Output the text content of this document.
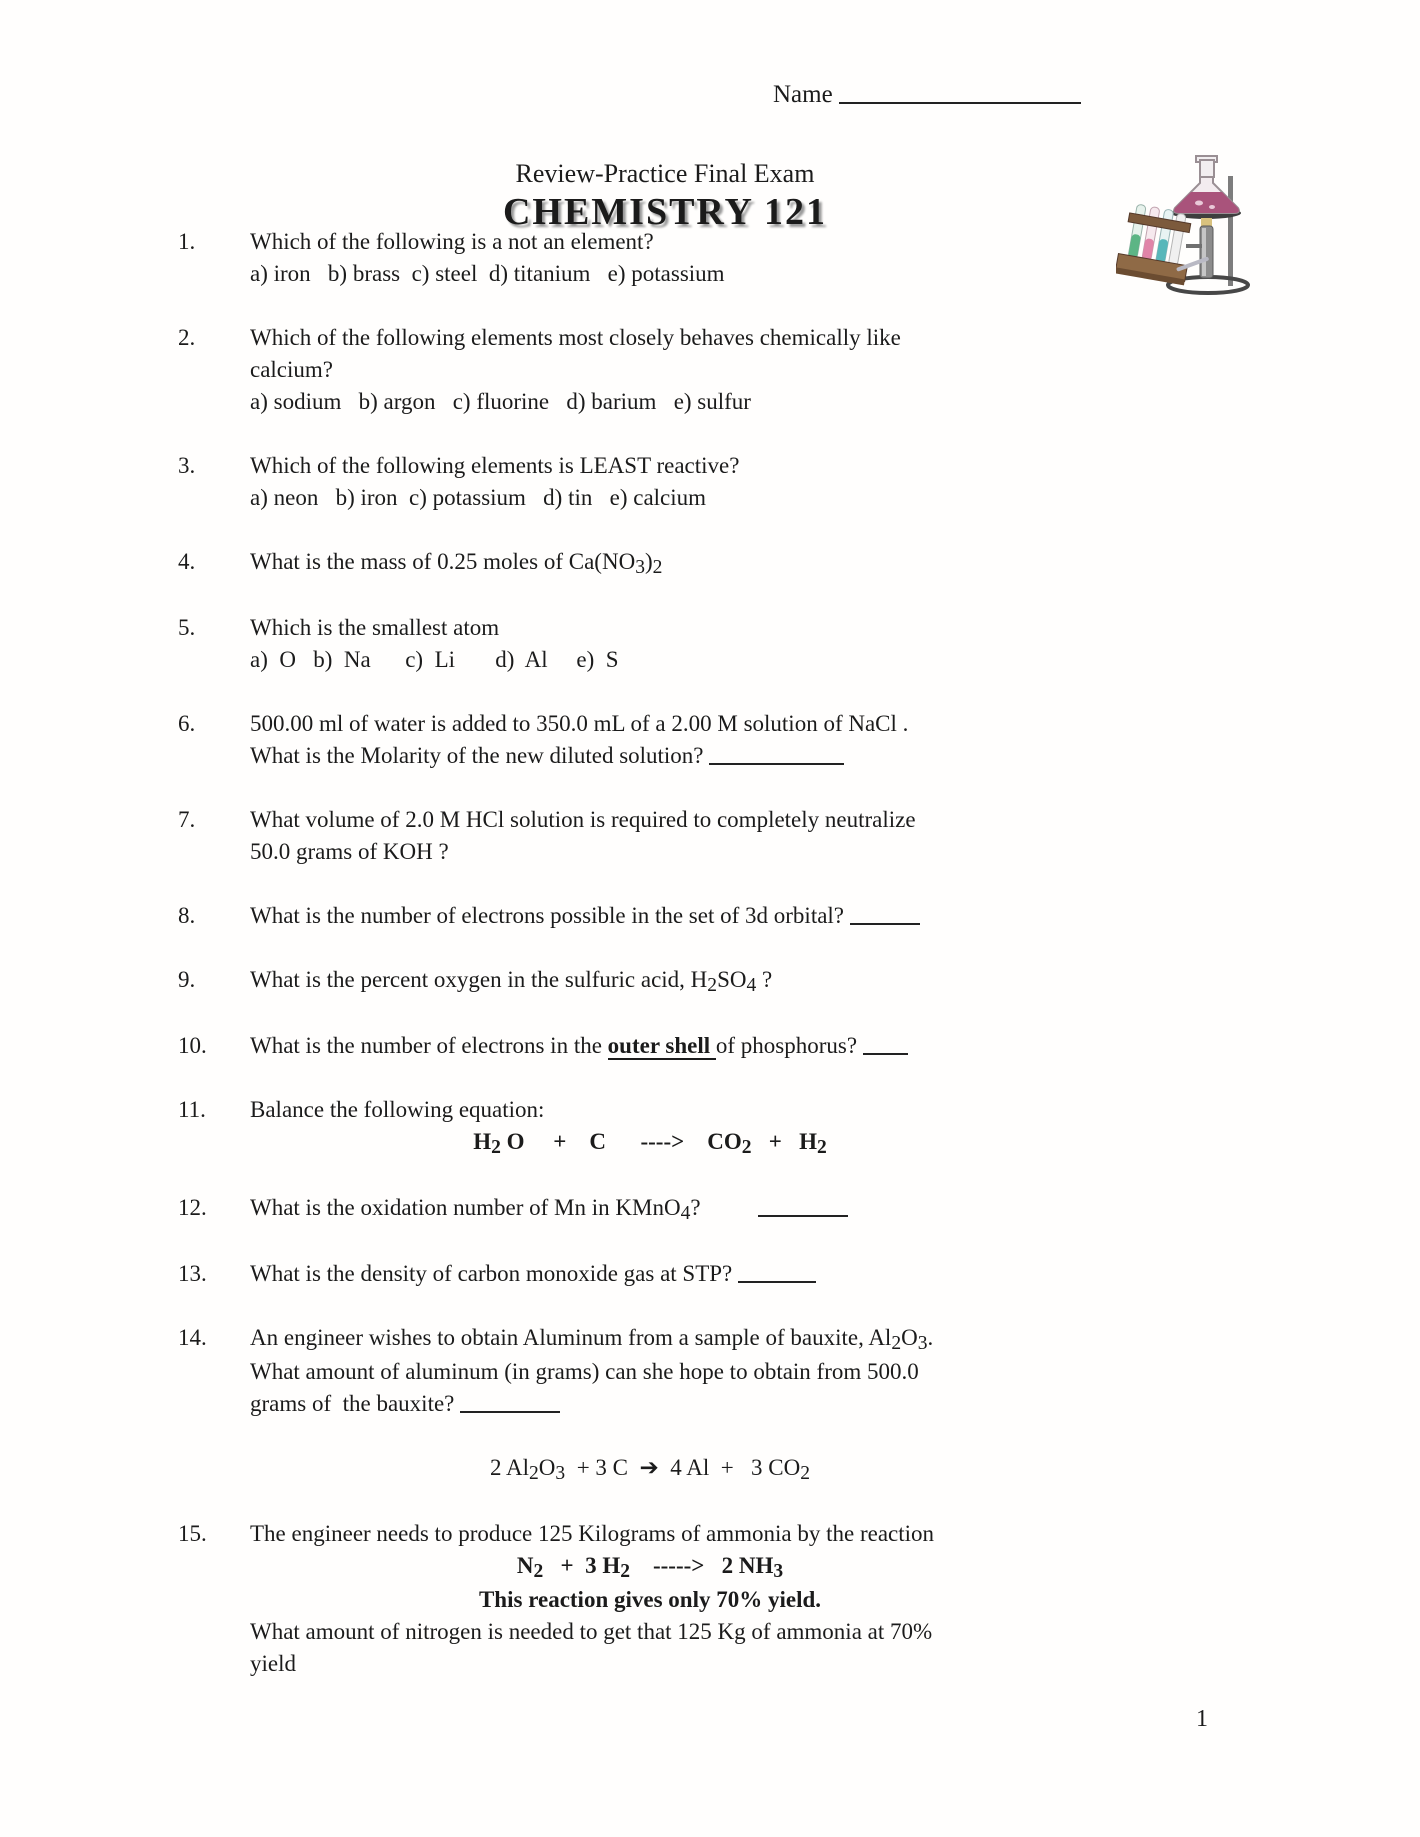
Name
Review-Practice Final Exam
CHEMISTRY 121
1.	Which of the following is a not an element?
a) iron   b) brass  c) steel  d) titanium   e) potassium
2.	Which of the following elements most closely behaves chemically like
calcium?
a) sodium   b) argon   c) fluorine   d) barium   e) sulfur
3.	Which of the following elements is LEAST reactive?
a) neon   b) iron  c) potassium   d) tin   e) calcium
4.	What is the mass of 0.25 moles of Ca(NO3)2
5.	Which is the smallest atom
a)  O   b)  Na      c)  Li       d)  Al     e)  S
6.	500.00 ml of water is added to 350.0 mL of a 2.00 M solution of NaCl .
What is the Molarity of the new diluted solution?
7.	What volume of 2.0 M HCl solution is required to completely neutralize
50.0 grams of KOH ?
8.	What is the number of electrons possible in the set of 3d orbital?
9.	What is the percent oxygen in the sulfuric acid, H2SO4 ?
10.	What is the number of electrons in the outer shell of phosphorus?
11.	Balance the following equation:
H2 O     +    C      ---->    CO2   +   H2
12.	What is the oxidation number of Mn in KMnO4?
13.	What is the density of carbon monoxide gas at STP?
14.	An engineer wishes to obtain Aluminum from a sample of bauxite, Al2O3.
What amount of aluminum (in grams) can she hope to obtain from 500.0
grams of  the bauxite?
2 Al2O3  + 3 C  ➔  4 Al  +   3 CO2
15.	The engineer needs to produce 125 Kilograms of ammonia by the reaction
N2   +  3 H2    ----->   2 NH3
This reaction gives only 70% yield.
What amount of nitrogen is needed to get that 125 Kg of ammonia at 70%
yield
1
